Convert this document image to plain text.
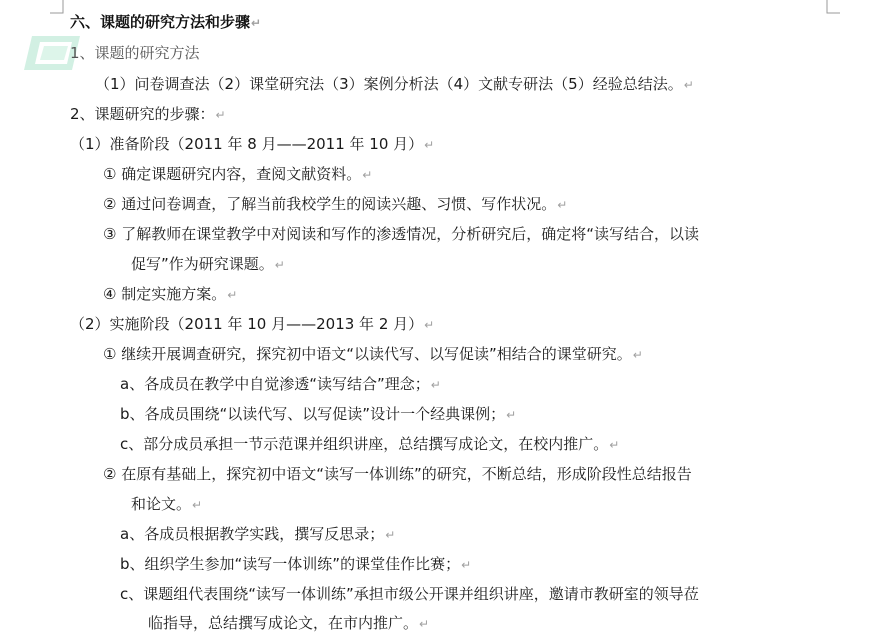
六、课题的研究方法和步骤↵
1、课题的研究方法
（1）问卷调查法（2）课堂研究法（3）案例分析法（4）文献专研法（5）经验总结法。↵
2、课题研究的步骤：↵
（1）准备阶段（2011 年 8 月——2011 年 10 月）↵
① 确定课题研究内容，查阅文献资料。↵
② 通过问卷调查，了解当前我校学生的阅读兴趣、习惯、写作状况。↵
③ 了解教师在课堂教学中对阅读和写作的渗透情况，分析研究后，确定将“读写结合，以读
促写”作为研究课题。↵
④ 制定实施方案。↵
（2）实施阶段（2011 年 10 月——2013 年 2 月）↵
① 继续开展调查研究，探究初中语文“以读代写、以写促读”相结合的课堂研究。↵
a、各成员在教学中自觉渗透“读写结合”理念；↵
b、各成员围绕“以读代写、以写促读”设计一个经典课例；↵
c、部分成员承担一节示范课并组织讲座，总结撰写成论文，在校内推广。↵
② 在原有基础上，探究初中语文“读写一体训练”的研究，不断总结，形成阶段性总结报告
和论文。↵
a、各成员根据教学实践，撰写反思录；↵
b、组织学生参加“读写一体训练”的课堂佳作比赛；↵
c、课题组代表围绕“读写一体训练”承担市级公开课并组织讲座，邀请市教研室的领导莅
临指导，总结撰写成论文，在市内推广。↵
